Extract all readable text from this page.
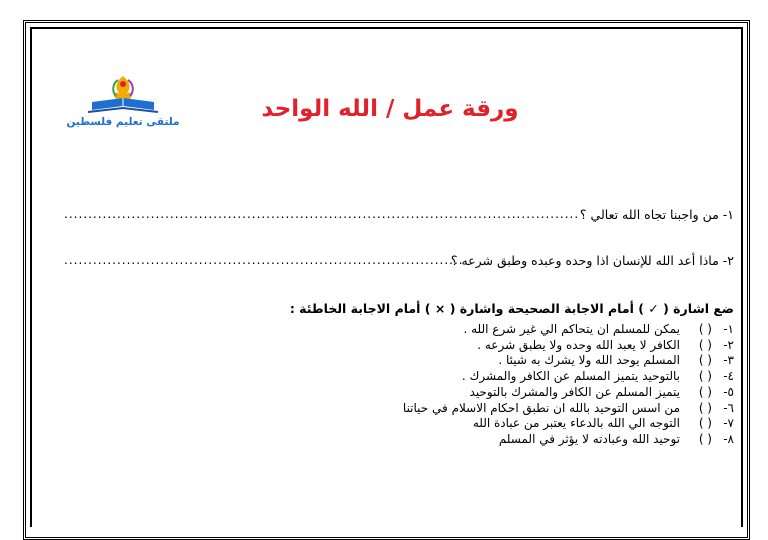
ملتقى تعليم فلسطين	ورقة عمل / الله الواحد
١- من واجبنا تجاه الله تعالي ؟
...........................................................................................................
٢- ماذا أعد الله للإنسان اذا وحده وعبده وطبق شرعه ؟
...................................................................................
ضع اشارة ( ✓ ) أمام الاجابة الصحيحة واشارة ( × ) أمام الاجابة الخاطئة :
١-( )يمكن للمسلم ان يتحاكم الي غير شرع الله .
٢-( )الكافر لا يعبد الله وحده ولا يطبق شرعه .
٣-( )المسلم يوحد الله ولا يشرك به شيئا .
٤-( )بالتوحيد يتميز المسلم عن الكافر والمشرك .
٥-( )يتميز المسلم عن الكافر والمشرك بالتوحيد
٦-( )من اسس التوحيد بالله ان نطبق احكام الاسلام في حياتنا
٧-( )التوجه الي الله بالدعاء يعتبر من عبادة الله
٨-( )توحيد الله وعبادته لا يؤثر في المسلم
